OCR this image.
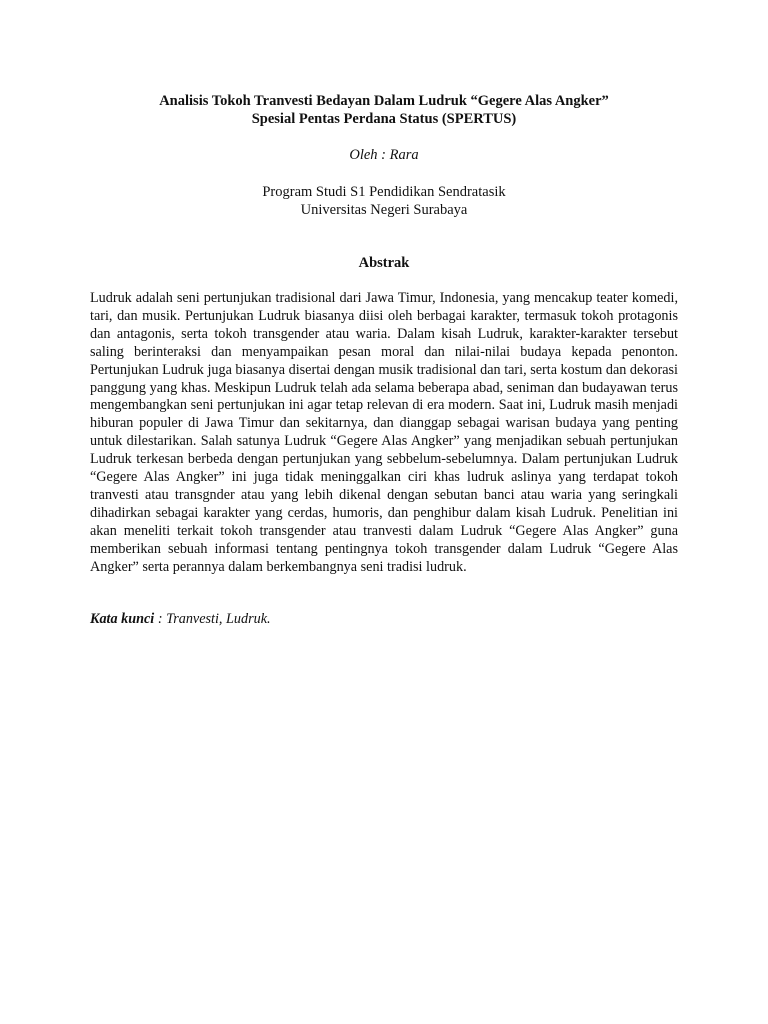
Analisis Tokoh Tranvesti Bedayan Dalam Ludruk “Gegere Alas Angker”
Spesial Pentas Perdana Status (SPERTUS)
Oleh : Rara
Program Studi S1 Pendidikan Sendratasik
Universitas Negeri Surabaya
Abstrak

Ludruk adalah seni pertunjukan tradisional dari Jawa Timur, Indonesia, yang mencakup teater komedi, tari, dan musik. Pertunjukan Ludruk biasanya diisi oleh berbagai karakter, termasuk tokoh protagonis dan antagonis, serta tokoh transgender atau waria. Dalam kisah Ludruk, karakter-karakter tersebut saling berinteraksi dan menyampaikan pesan moral dan nilai-nilai budaya kepada penonton. Pertunjukan Ludruk juga biasanya disertai dengan musik tradisional dan tari, serta kostum dan dekorasi panggung yang khas. Meskipun Ludruk telah ada selama beberapa abad, seniman dan budayawan terus mengembangkan seni pertunjukan ini agar tetap relevan di era modern. Saat ini, Ludruk masih menjadi hiburan populer di Jawa Timur dan sekitarnya, dan dianggap sebagai warisan budaya yang penting untuk dilestarikan. Salah satunya Ludruk “Gegere Alas Angker” yang menjadikan sebuah pertunjukan Ludruk terkesan berbeda dengan pertunjukan yang sebbelum-sebelumnya. Dalam pertunjukan Ludruk “Gegere Alas Angker” ini juga tidak meninggalkan ciri khas ludruk aslinya yang terdapat tokoh tranvesti atau transgnder atau yang lebih dikenal dengan sebutan banci atau waria yang seringkali dihadirkan sebagai karakter yang cerdas, humoris, dan penghibur dalam kisah Ludruk. Penelitian ini akan meneliti terkait tokoh transgender atau tranvesti dalam Ludruk “Gegere Alas Angker” guna memberikan sebuah informasi tentang pentingnya tokoh transgender dalam Ludruk “Gegere Alas Angker” serta perannya dalam berkembangnya seni tradisi ludruk.

Kata kunci : Tranvesti, Ludruk.
